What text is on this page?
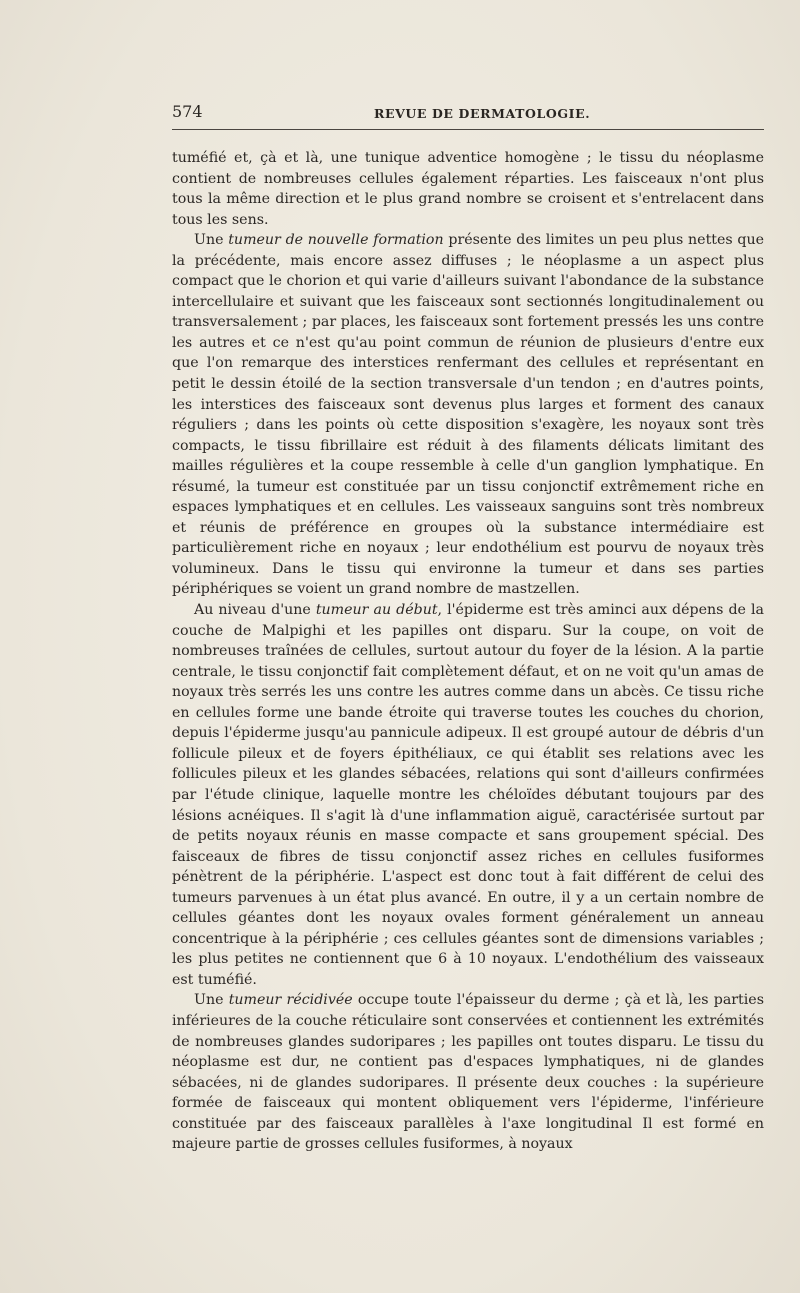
574	REVUE DE DERMATOLOGIE.

tuméfié et, çà et là, une tunique adventice homogène ; le tissu du néoplasme contient de nombreuses cellules également réparties. Les faisceaux n'ont plus tous la même direction et le plus grand nombre se croisent et s'entrelacent dans tous les sens.

Une tumeur de nouvelle formation présente des limites un peu plus nettes que la précédente, mais encore assez diffuses ; le néoplasme a un aspect plus compact que le chorion et qui varie d'ailleurs suivant l'abondance de la substance intercellulaire et suivant que les faisceaux sont sectionnés longitudinalement ou transversalement ; par places, les faisceaux sont fortement pressés les uns contre les autres et ce n'est qu'au point commun de réunion de plusieurs d'entre eux que l'on remarque des interstices renfermant des cellules et représentant en petit le dessin étoilé de la section transversale d'un tendon ; en d'autres points, les interstices des faisceaux sont devenus plus larges et forment des canaux réguliers ; dans les points où cette disposition s'exagère, les noyaux sont très compacts, le tissu fibrillaire est réduit à des filaments délicats limitant des mailles régulières et la coupe ressemble à celle d'un ganglion lymphatique. En résumé, la tumeur est constituée par un tissu conjonctif extrêmement riche en espaces lymphatiques et en cellules. Les vaisseaux sanguins sont très nombreux et réunis de préférence en groupes où la substance intermédiaire est particulièrement riche en noyaux ; leur endothélium est pourvu de noyaux très volumineux. Dans le tissu qui environne la tumeur et dans ses parties périphériques se voient un grand nombre de mastzellen.

Au niveau d'une tumeur au début, l'épiderme est très aminci aux dépens de la couche de Malpighi et les papilles ont disparu. Sur la coupe, on voit de nombreuses traînées de cellules, surtout autour du foyer de la lésion. A la partie centrale, le tissu conjonctif fait complètement défaut, et on ne voit qu'un amas de noyaux très serrés les uns contre les autres comme dans un abcès. Ce tissu riche en cellules forme une bande étroite qui traverse toutes les couches du chorion, depuis l'épiderme jusqu'au pannicule adipeux. Il est groupé autour de débris d'un follicule pileux et de foyers épithéliaux, ce qui établit ses relations avec les follicules pileux et les glandes sébacées, relations qui sont d'ailleurs confirmées par l'étude clinique, laquelle montre les chéloïdes débutant toujours par des lésions acnéiques. Il s'agit là d'une inflammation aiguë, caractérisée surtout par de petits noyaux réunis en masse compacte et sans groupement spécial. Des faisceaux de fibres de tissu conjonctif assez riches en cellules fusiformes pénètrent de la périphérie. L'aspect est donc tout à fait différent de celui des tumeurs parvenues à un état plus avancé. En outre, il y a un certain nombre de cellules géantes dont les noyaux ovales forment généralement un anneau concentrique à la périphérie ; ces cellules géantes sont de dimensions variables ; les plus petites ne contiennent que 6 à 10 noyaux. L'endothélium des vaisseaux est tuméfié.

Une tumeur récidivée occupe toute l'épaisseur du derme ; çà et là, les parties inférieures de la couche réticulaire sont conservées et contiennent les extrémités de nombreuses glandes sudoripares ; les papilles ont toutes disparu. Le tissu du néoplasme est dur, ne contient pas d'espaces lymphatiques, ni de glandes sébacées, ni de glandes sudoripares. Il présente deux couches : la supérieure formée de faisceaux qui montent obliquement vers l'épiderme, l'inférieure constituée par des faisceaux parallèles à l'axe longitudinal Il est formé en majeure partie de grosses cellules fusiformes, à noyaux
